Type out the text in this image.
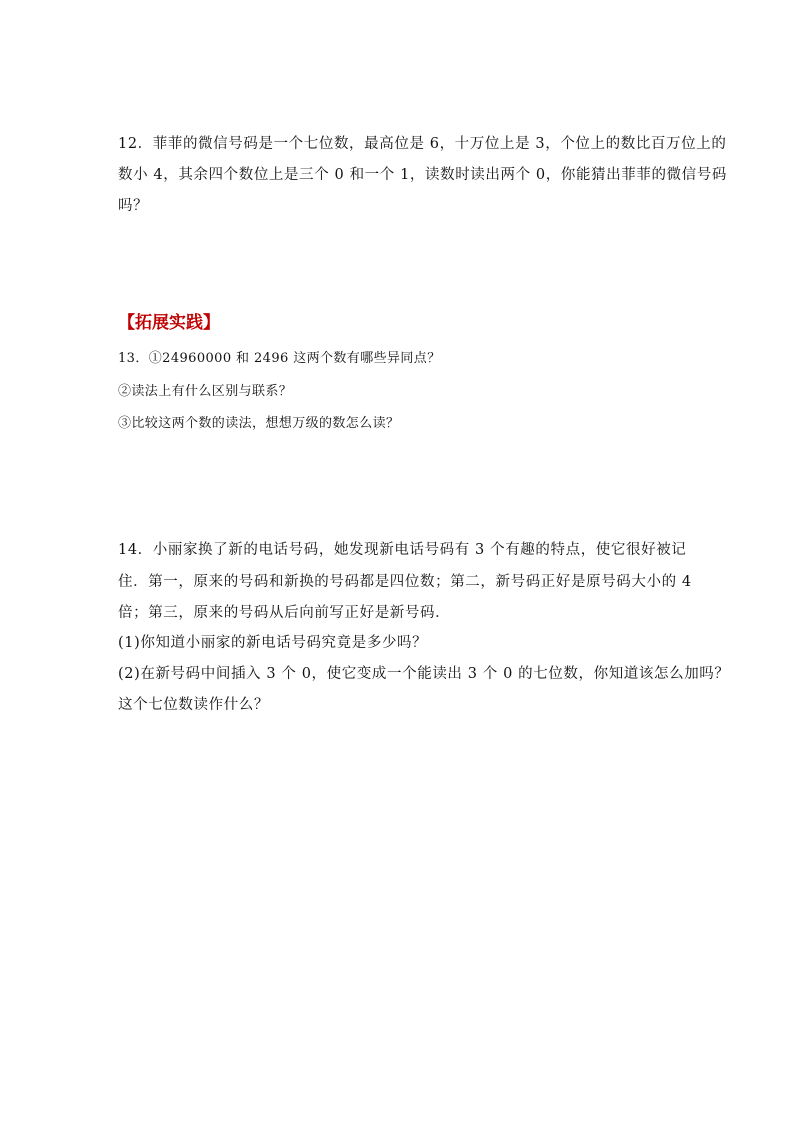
12．菲菲的微信号码是一个七位数，最高位是 6，十万位上是 3，个位上的数比百万位上的
数小 4，其余四个数位上是三个 0 和一个 1，读数时读出两个 0，你能猜出菲菲的微信号码
吗？
【拓展实践】
13．①24960000 和 2496 这两个数有哪些异同点？
②读法上有什么区别与联系？
③比较这两个数的读法，想想万级的数怎么读？
14．小丽家换了新的电话号码，她发现新电话号码有 3 个有趣的特点，使它很好被记
住．第一，原来的号码和新换的号码都是四位数；第二，新号码正好是原号码大小的 4
倍；第三，原来的号码从后向前写正好是新号码．
(1)你知道小丽家的新电话号码究竟是多少吗？
(2)在新号码中间插入 3 个 0，使它变成一个能读出 3 个 0 的七位数，你知道该怎么加吗？
这个七位数读作什么？
